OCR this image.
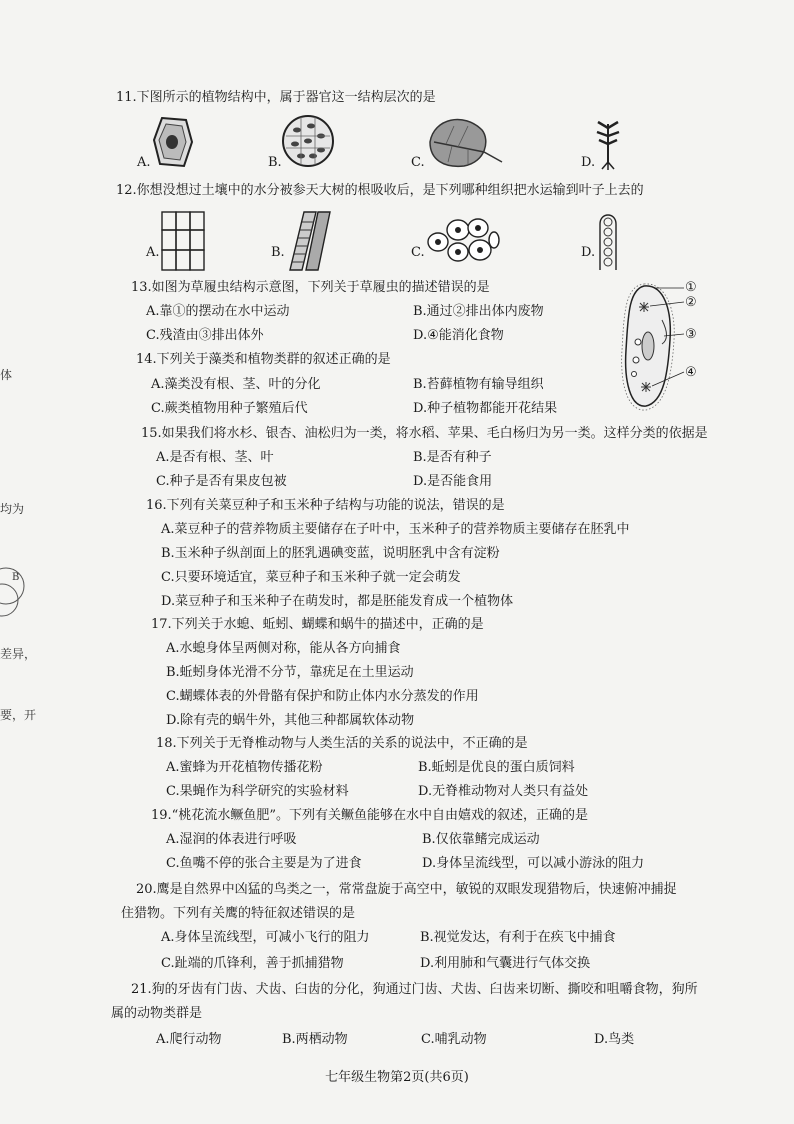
体
均为
B
差异，
要，开
11.下图所示的植物结构中，属于器官这一结构层次的是
A.	B.	C.	D.
12.你想没想过土壤中的水分被参天大树的根吸收后，是下列哪种组织把水运输到叶子上去的
A.	B.	C.	D.
13.如图为草履虫结构示意图，下列关于草履虫的描述错误的是
A.靠①的摆动在水中运动	B.通过②排出体内废物
C.残渣由③排出体外	D.④能消化食物
①
②
③
④
14.下列关于藻类和植物类群的叙述正确的是
A.藻类没有根、茎、叶的分化	B.苔藓植物有输导组织
C.蕨类植物用种子繁殖后代	D.种子植物都能开花结果
15.如果我们将水杉、银杏、油松归为一类，将水稻、苹果、毛白杨归为另一类。这样分类的依据是
A.是否有根、茎、叶	B.是否有种子
C.种子是否有果皮包被	D.是否能食用
16.下列有关菜豆种子和玉米种子结构与功能的说法，错误的是
A.菜豆种子的营养物质主要储存在子叶中，玉米种子的营养物质主要储存在胚乳中
B.玉米种子纵剖面上的胚乳遇碘变蓝，说明胚乳中含有淀粉
C.只要环境适宜，菜豆种子和玉米种子就一定会萌发
D.菜豆种子和玉米种子在萌发时，都是胚能发育成一个植物体
17.下列关于水螅、蚯蚓、蝴蝶和蜗牛的描述中，正确的是
A.水螅身体呈两侧对称，能从各方向捕食
B.蚯蚓身体光滑不分节，靠疣足在土里运动
C.蝴蝶体表的外骨骼有保护和防止体内水分蒸发的作用
D.除有壳的蜗牛外，其他三种都属软体动物
18.下列关于无脊椎动物与人类生活的关系的说法中，不正确的是
A.蜜蜂为开花植物传播花粉	B.蚯蚓是优良的蛋白质饲料
C.果蝇作为科学研究的实验材料	D.无脊椎动物对人类只有益处
19.“桃花流水鳜鱼肥”。下列有关鳜鱼能够在水中自由嬉戏的叙述，正确的是
A.湿润的体表进行呼吸	B.仅依靠鳍完成运动
C.鱼嘴不停的张合主要是为了进食	D.身体呈流线型，可以减小游泳的阻力
20.鹰是自然界中凶猛的鸟类之一，常常盘旋于高空中，敏锐的双眼发现猎物后，快速俯冲捕捉
住猎物。下列有关鹰的特征叙述错误的是
A.身体呈流线型，可减小飞行的阻力	B.视觉发达，有利于在疾飞中捕食
C.趾端的爪锋利，善于抓捕猎物	D.利用肺和气囊进行气体交换
21.狗的牙齿有门齿、犬齿、臼齿的分化，狗通过门齿、犬齿、臼齿来切断、撕咬和咀嚼食物，狗所
属的动物类群是
A.爬行动物	B.两栖动物	C.哺乳动物	D.鸟类
七年级生物第2页(共6页)
